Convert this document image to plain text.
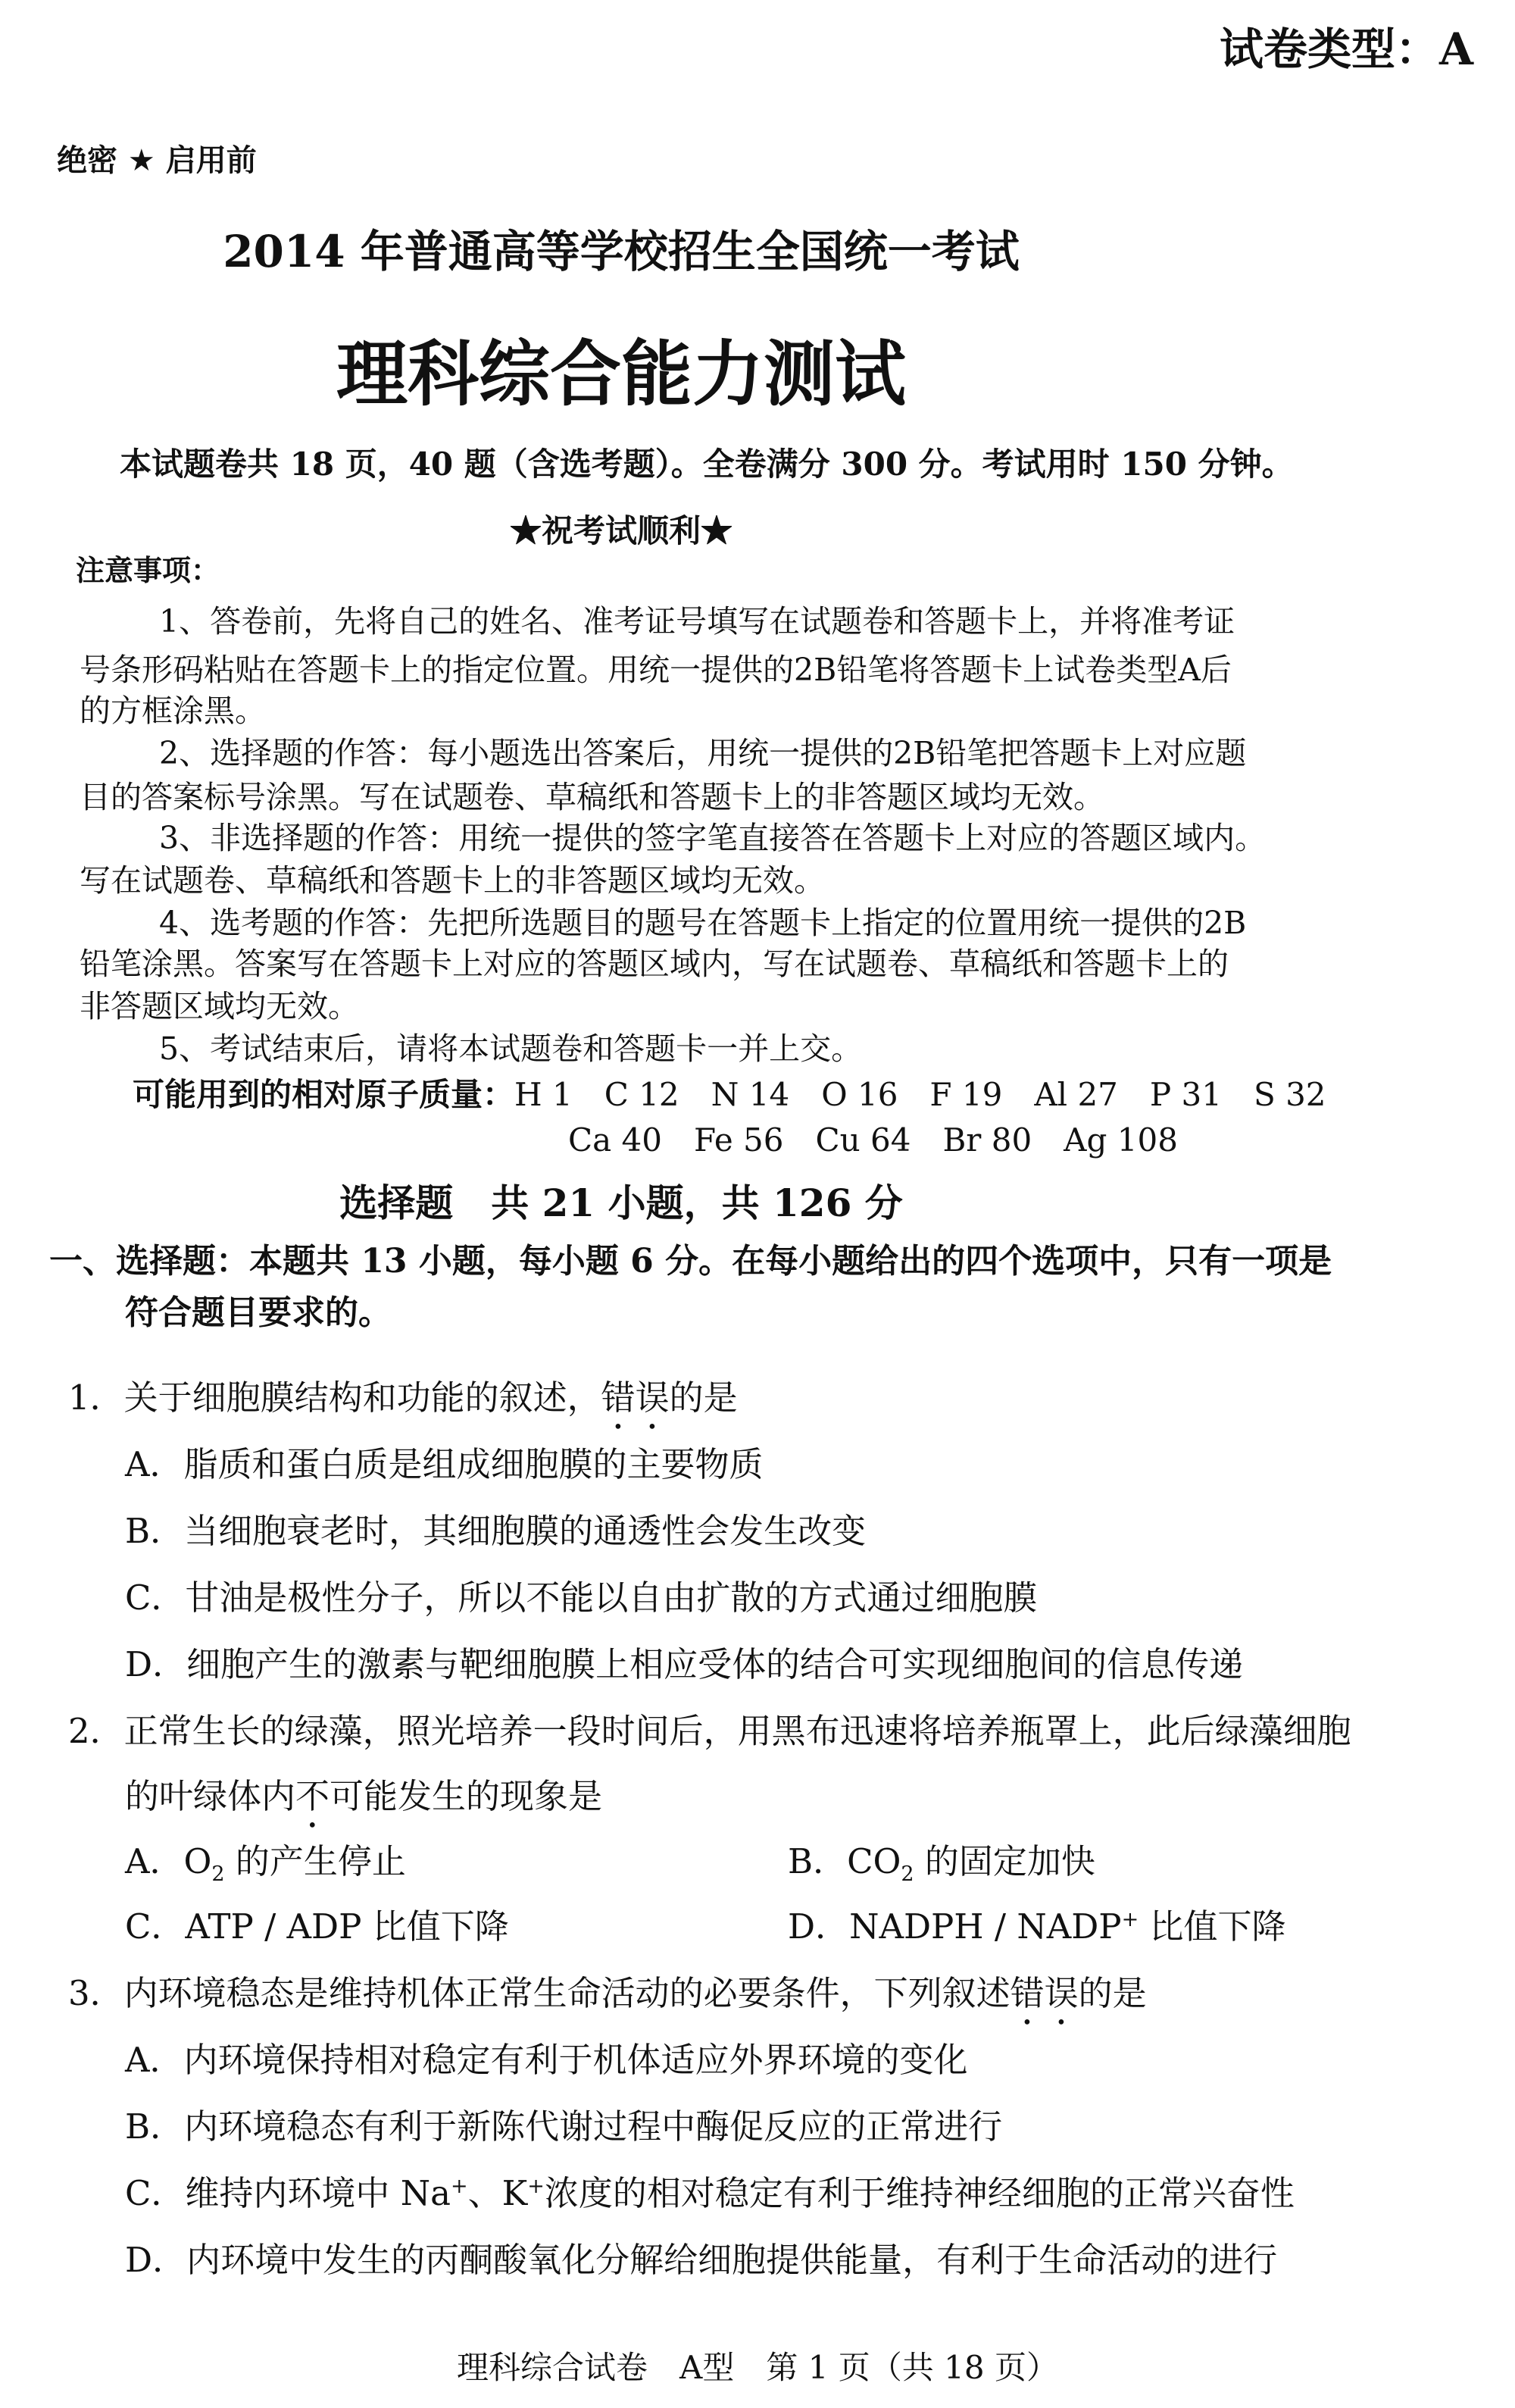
试卷类型：A
绝密 ★ 启用前
2014 年普通高等学校招生全国统一考试
理科综合能力测试
本试题卷共 18 页，40 题（含选考题）。全卷满分 300 分。考试用时 150 分钟。
★祝考试顺利★
注意事项：
1、答卷前，先将自己的姓名、准考证号填写在试题卷和答题卡上，并将准考证
号条形码粘贴在答题卡上的指定位置。用统一提供的2B铅笔将答题卡上试卷类型A后
的方框涂黑。
2、选择题的作答：每小题选出答案后，用统一提供的2B铅笔把答题卡上对应题
目的答案标号涂黑。写在试题卷、草稿纸和答题卡上的非答题区域均无效。
3、非选择题的作答：用统一提供的签字笔直接答在答题卡上对应的答题区域内。
写在试题卷、草稿纸和答题卡上的非答题区域均无效。
4、选考题的作答：先把所选题目的题号在答题卡上指定的位置用统一提供的2B
铅笔涂黑。答案写在答题卡上对应的答题区域内，写在试题卷、草稿纸和答题卡上的
非答题区域均无效。
5、考试结束后，请将本试题卷和答题卡一并上交。
可能用到的相对原子质量：H 1　C 12　N 14　O 16　F 19　Al 27　P 31　S 32
Ca 40　Fe 56　Cu 64　Br 80　Ag 108
选择题　共 21 小题，共 126 分
一、选择题：本题共 13 小题，每小题 6 分。在每小题给出的四个选项中，只有一项是
符合题目要求的。
1．关于细胞膜结构和功能的叙述，错误的是
A．脂质和蛋白质是组成细胞膜的主要物质
B．当细胞衰老时，其细胞膜的通透性会发生改变
C．甘油是极性分子，所以不能以自由扩散的方式通过细胞膜
D．细胞产生的激素与靶细胞膜上相应受体的结合可实现细胞间的信息传递
2．正常生长的绿藻，照光培养一段时间后，用黑布迅速将培养瓶罩上，此后绿藻细胞
的叶绿体内不可能发生的现象是
A．$O_2$ 的产生停止	B．$CO_2$ 的固定加快
C．ATP / ADP 比值下降	D．NADPH / NADP+ 比值下降
3．内环境稳态是维持机体正常生命活动的必要条件，下列叙述错误的是
A．内环境保持相对稳定有利于机体适应外界环境的变化
B．内环境稳态有利于新陈代谢过程中酶促反应的正常进行
C．维持内环境中 Na+、K+浓度的相对稳定有利于维持神经细胞的正常兴奋性
D．内环境中发生的丙酮酸氧化分解给细胞提供能量，有利于生命活动的进行
理科综合试卷　A型　第 1 页（共 18 页）
